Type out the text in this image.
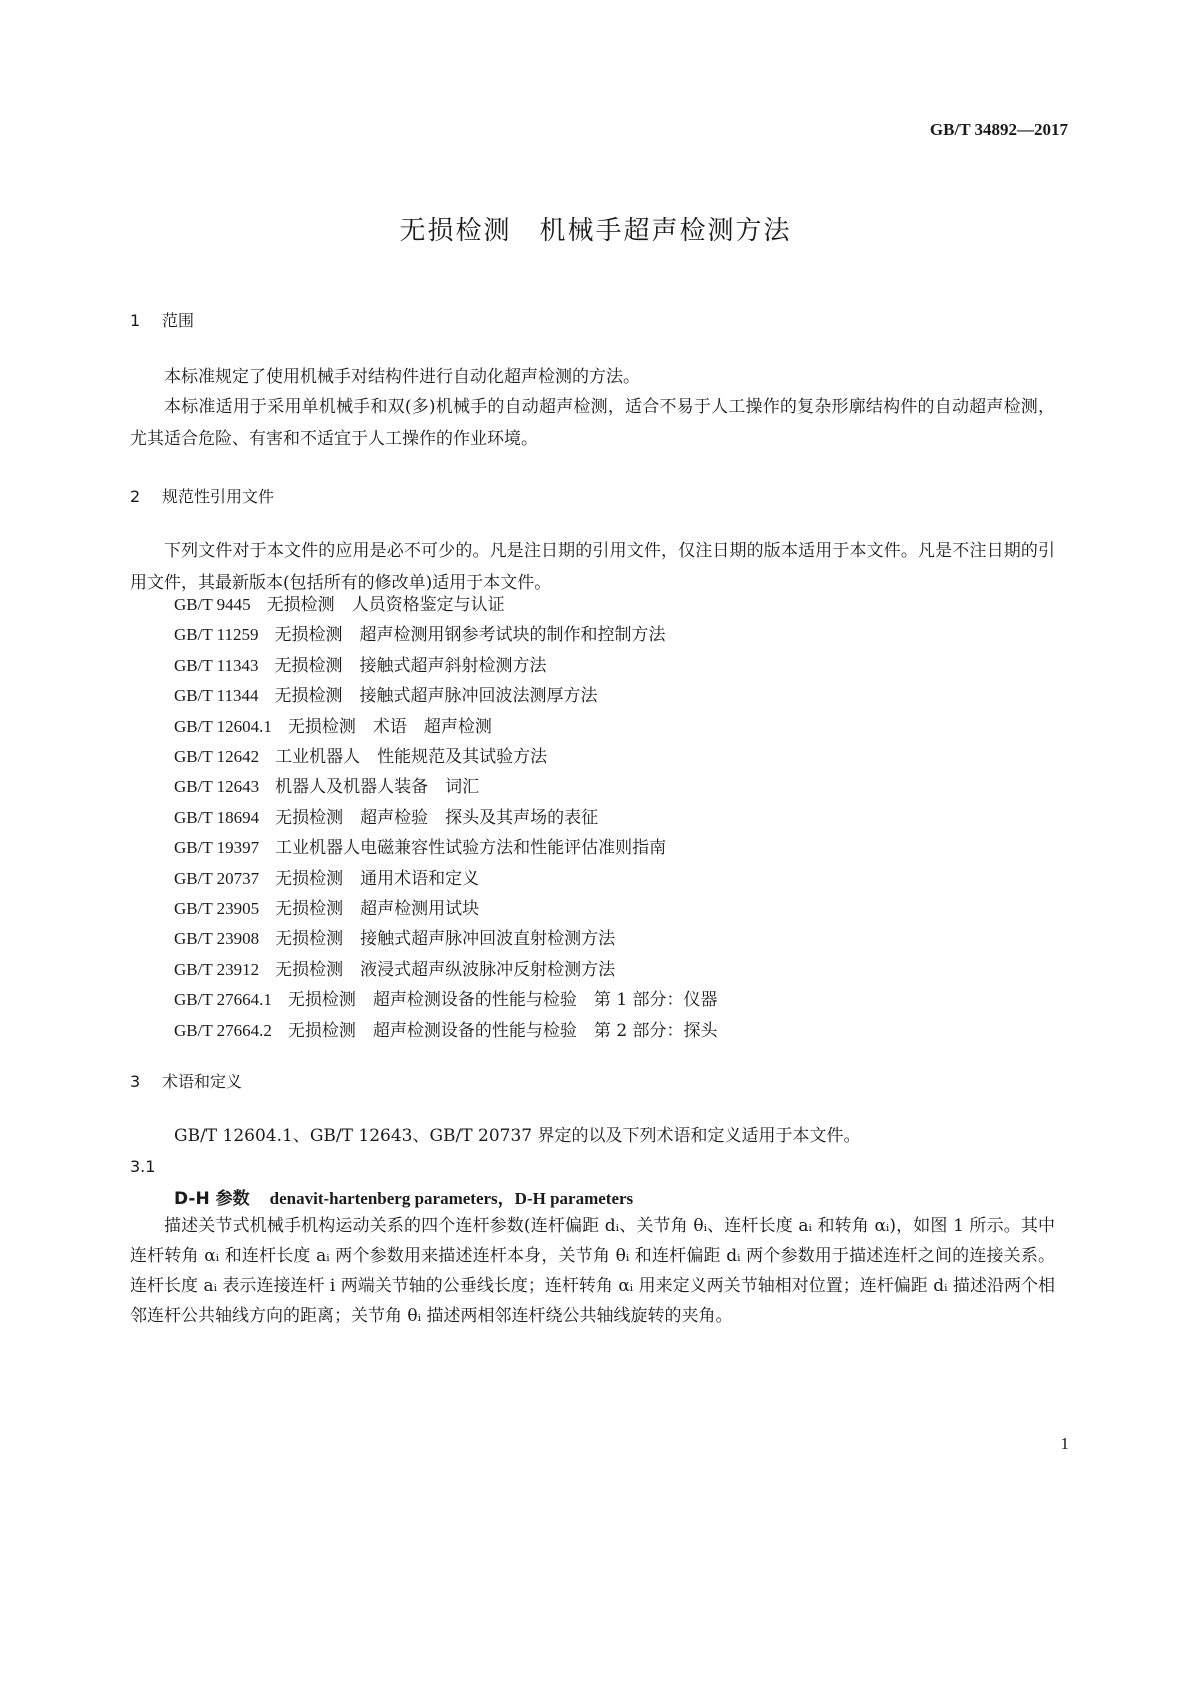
GB/T 34892—2017
无损检测　机械手超声检测方法
1 范围
本标准规定了使用机械手对结构件进行自动化超声检测的方法。
本标准适用于采用单机械手和双(多)机械手的自动超声检测，适合不易于人工操作的复杂形廓结构件的自动超声检测，尤其适合危险、有害和不适宜于人工操作的作业环境。
2 规范性引用文件
下列文件对于本文件的应用是必不可少的。凡是注日期的引用文件，仅注日期的版本适用于本文件。凡是不注日期的引用文件，其最新版本(包括所有的修改单)适用于本文件。
GB/T 9445 无损检测　人员资格鉴定与认证
GB/T 11259 无损检测　超声检测用钢参考试块的制作和控制方法
GB/T 11343 无损检测　接触式超声斜射检测方法
GB/T 11344 无损检测　接触式超声脉冲回波法测厚方法
GB/T 12604.1 无损检测　术语　超声检测
GB/T 12642 工业机器人　性能规范及其试验方法
GB/T 12643 机器人及机器人装备　词汇
GB/T 18694 无损检测　超声检验　探头及其声场的表征
GB/T 19397 工业机器人电磁兼容性试验方法和性能评估准则指南
GB/T 20737 无损检测　通用术语和定义
GB/T 23905 无损检测　超声检测用试块
GB/T 23908 无损检测　接触式超声脉冲回波直射检测方法
GB/T 23912 无损检测　液浸式超声纵波脉冲反射检测方法
GB/T 27664.1 无损检测　超声检测设备的性能与检验　第 1 部分：仪器
GB/T 27664.2 无损检测　超声检测设备的性能与检验　第 2 部分：探头
3 术语和定义
GB/T 12604.1、GB/T 12643、GB/T 20737 界定的以及下列术语和定义适用于本文件。
3.1
D-H 参数 denavit-hartenberg parameters，D-H parameters
描述关节式机械手机构运动关系的四个连杆参数(连杆偏距 dᵢ、关节角 θᵢ、连杆长度 aᵢ 和转角 αᵢ)，如图 1 所示。其中连杆转角 αᵢ 和连杆长度 aᵢ 两个参数用来描述连杆本身，关节角 θᵢ 和连杆偏距 dᵢ 两个参数用于描述连杆之间的连接关系。连杆长度 aᵢ 表示连接连杆 i 两端关节轴的公垂线长度；连杆转角 αᵢ 用来定义两关节轴相对位置；连杆偏距 dᵢ 描述沿两个相邻连杆公共轴线方向的距离；关节角 θᵢ 描述两相邻连杆绕公共轴线旋转的夹角。
1
